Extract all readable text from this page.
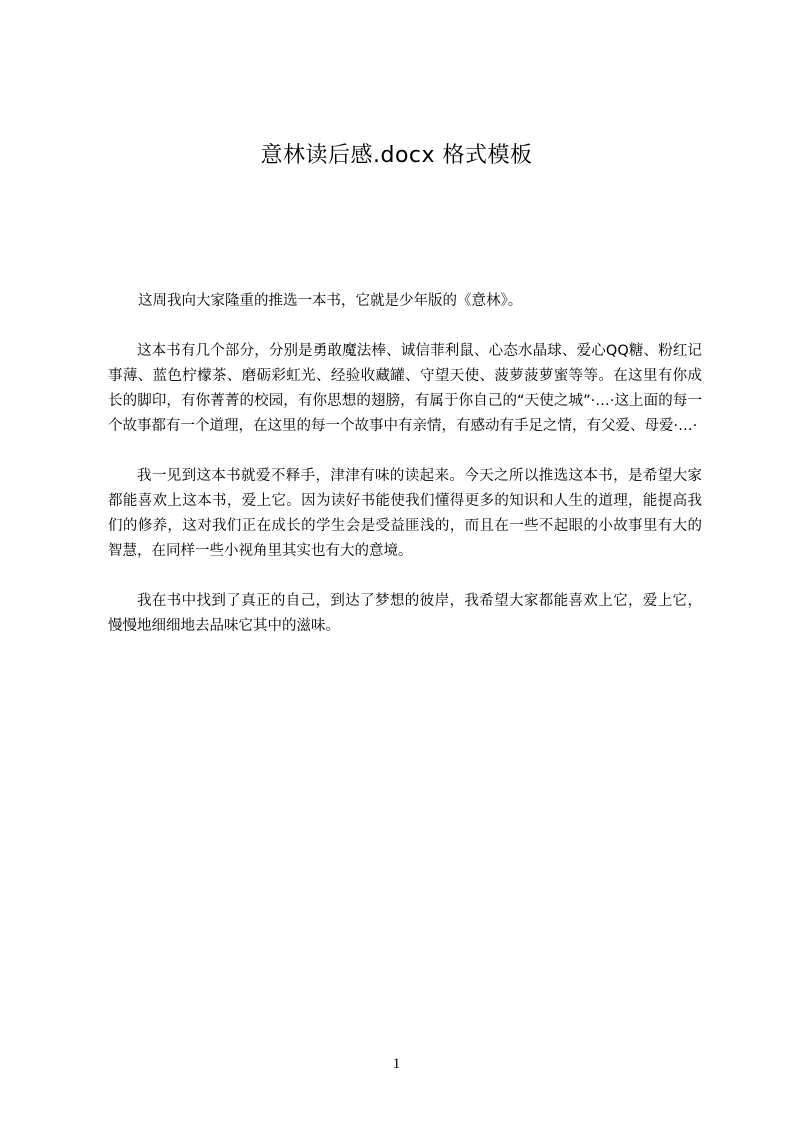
意林读后感.docx 格式模板

这周我向大家隆重的推选一本书，它就是少年版的《意林》。

这本书有几个部分，分别是勇敢魔法棒、诚信菲利鼠、心态水晶球、爱心QQ糖、粉红记事薄、蓝色柠檬茶、磨砺彩虹光、经验收藏罐、守望天使、菠萝菠萝蜜等等。在这里有你成长的脚印，有你菁菁的校园，有你思想的翅膀，有属于你自己的“天使之城”·…·这上面的每一个故事都有一个道理，在这里的每一个故事中有亲情，有感动有手足之情，有父爱、母爱·…·

我一见到这本书就爱不释手，津津有味的读起来。今天之所以推选这本书，是希望大家都能喜欢上这本书，爱上它。因为读好书能使我们懂得更多的知识和人生的道理，能提高我们的修养，这对我们正在成长的学生会是受益匪浅的，而且在一些不起眼的小故事里有大的智慧，在同样一些小视角里其实也有大的意境。

我在书中找到了真正的自己，到达了梦想的彼岸，我希望大家都能喜欢上它，爱上它，慢慢地细细地去品味它其中的滋味。

1
